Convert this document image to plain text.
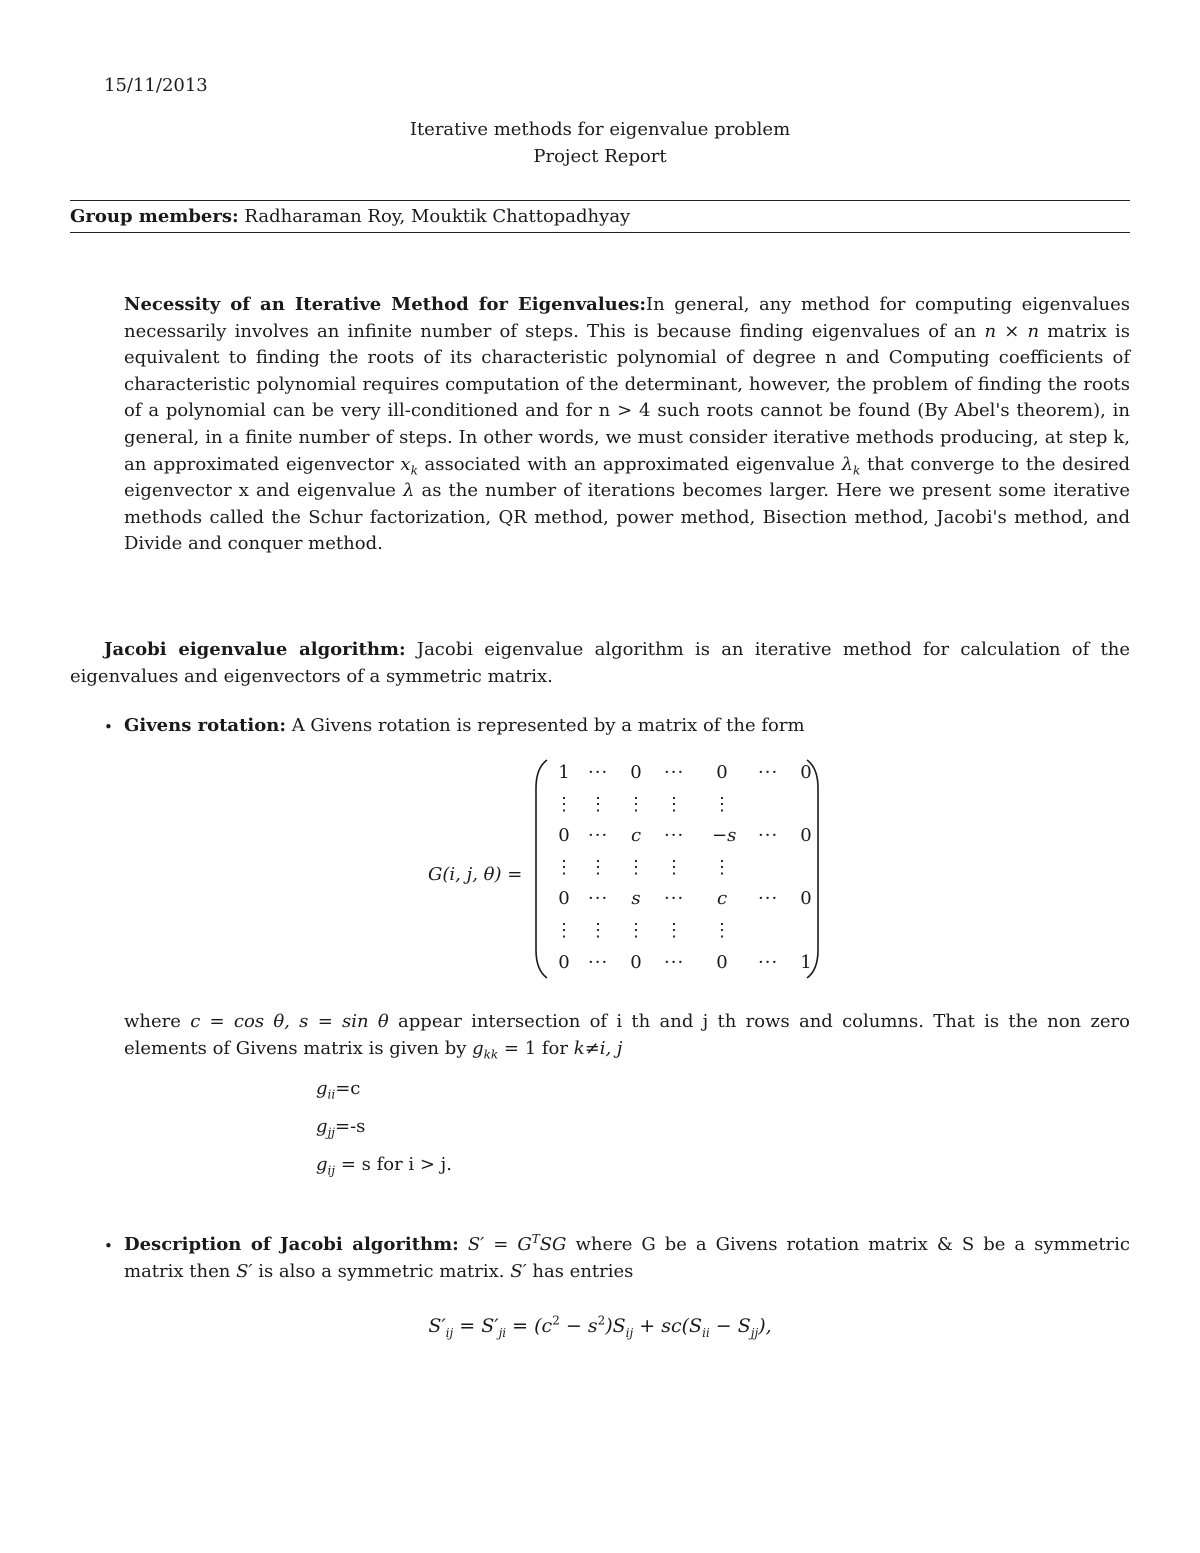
15/11/2013
Iterative methods for eigenvalue problem
Project Report
Group members: Radharaman Roy, Mouktik Chattopadhyay
Necessity of an Iterative Method for Eigenvalues:In general, any method for computing eigenvalues necessarily involves an infinite number of steps. This is because finding eigenvalues of an n × n matrix is equivalent to finding the roots of its characteristic polynomial of degree n and Computing coefficients of characteristic polynomial requires computation of the determinant, however, the problem of finding the roots of a polynomial can be very ill-conditioned and for n > 4 such roots cannot be found (By Abel's theorem), in general, in a finite number of steps. In other words, we must consider iterative methods producing, at step k, an approximated eigenvector $x_k$ associated with an approximated eigenvalue $\lambda_k$ that converge to the desired eigenvector x and eigenvalue λ as the number of iterations becomes larger. Here we present some iterative methods called the Schur factorization, QR method, power method, Bisection method, Jacobi's method, and Divide and conquer method.
Jacobi eigenvalue algorithm: Jacobi eigenvalue algorithm is an iterative method for calculation of the eigenvalues and eigenvectors of a symmetric matrix.
• Givens rotation: A Givens rotation is represented by a matrix of the form
G(i, j, θ) =
1 ··· 0 ··· 0 ··· 0
⋮ ⋮ ⋮ ⋮ ⋮
0 ··· c ··· −s ··· 0
⋮ ⋮ ⋮ ⋮ ⋮
0 ··· s ··· c ··· 0
⋮ ⋮ ⋮ ⋮ ⋮
0 ··· 0 ··· 0 ··· 1
where c = cos θ, s = sin θ appear intersection of i th and j th rows and columns. That is the non zero elements of Givens matrix is given by $g_{kk} = 1$ for k≠i, j
$g_{ii}=c$
$g_{jj}=-s$
$g_{ij} = s$ for i > j.
• Description of Jacobi algorithm: $S' = G^TSG$ where G be a Givens rotation matrix & S be a symmetric matrix then S′ is also a symmetric matrix. S′ has entries
$S'_{ij} = S'_{ji} = (c^2 - s^2)S_{ij} + sc(S_{ii} - S_{jj})$,
